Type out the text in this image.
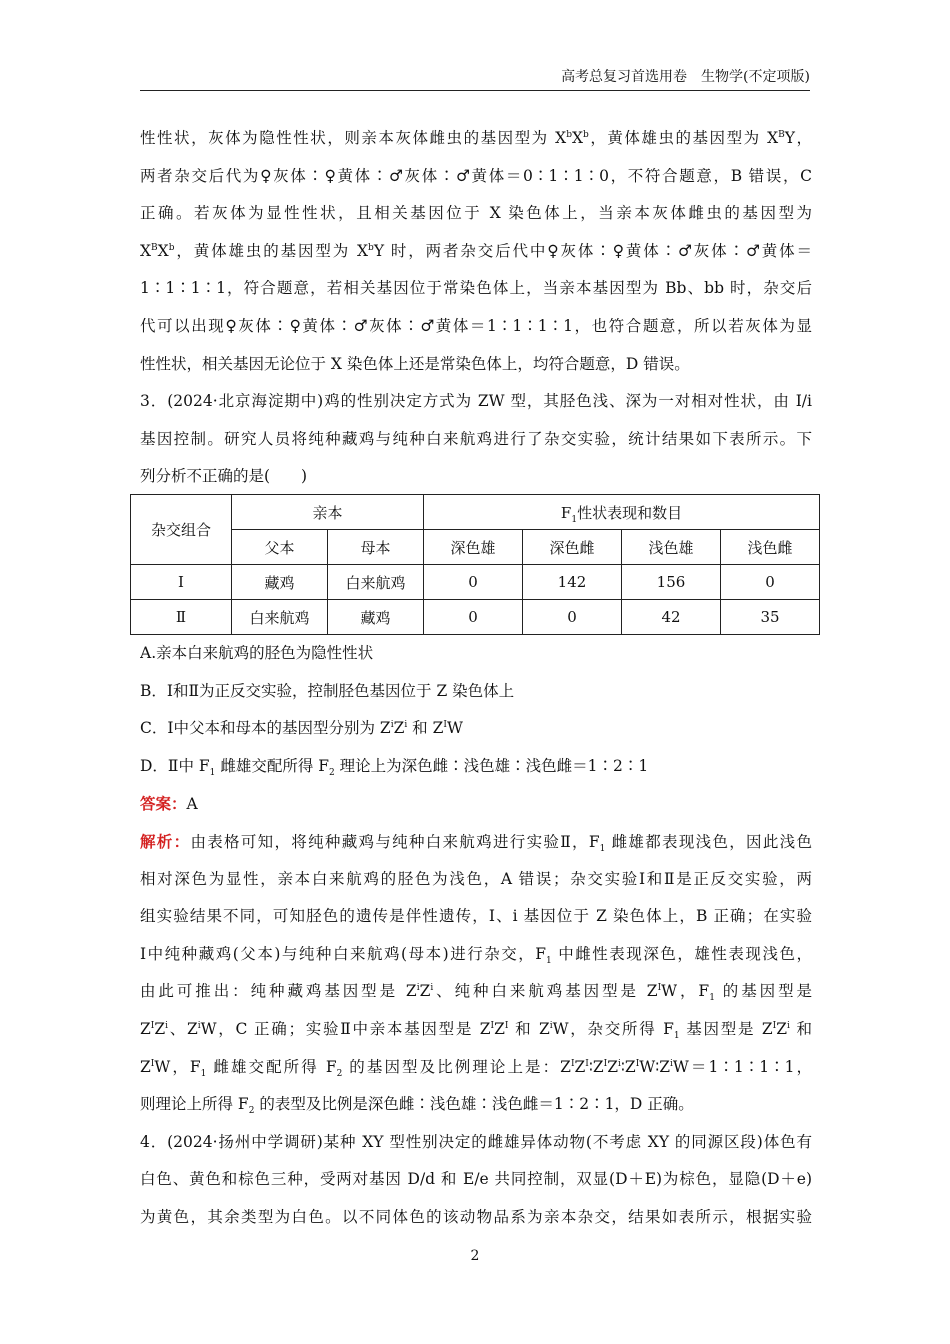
高考总复习首选用卷　生物学(不定项版)
性性状，灰体为隐性性状，则亲本灰体雌虫的基因型为 $X^bX^b$，黄体雄虫的基因型为 $X^BY$，
两者杂交后代为♀灰体∶♀黄体∶♂灰体∶♂黄体＝0∶1∶1∶0，不符合题意，B 错误，C
正确。若灰体为显性性状，且相关基因位于 X 染色体上，当亲本灰体雌虫的基因型为
$X^BX^b$，黄体雄虫的基因型为 $X^bY$ 时，两者杂交后代中♀灰体∶♀黄体∶♂灰体∶♂黄体＝
1∶1∶1∶1，符合题意，若相关基因位于常染色体上，当亲本基因型为 Bb、bb 时，杂交后
代可以出现♀灰体∶♀黄体∶♂灰体∶♂黄体＝1∶1∶1∶1，也符合题意，所以若灰体为显
性性状，相关基因无论位于 X 染色体上还是常染色体上，均符合题意，D 错误。
3．(2024·北京海淀期中)鸡的性别决定方式为 ZW 型，其胫色浅、深为一对相对性状，由 I/i
基因控制。研究人员将纯种藏鸡与纯种白来航鸡进行了杂交实验，统计结果如下表所示。下
列分析不正确的是(　　)
杂交组合	亲本		$F_1$性状表现和数目			
	父本	母本	深色雄	深色雌	浅色雄	浅色雌
Ⅰ	藏鸡	白来航鸡	0	142	156	0
Ⅱ	白来航鸡	藏鸡	0	0	42	35
A.亲本白来航鸡的胫色为隐性性状
B．Ⅰ和Ⅱ为正反交实验，控制胫色基因位于 Z 染色体上
C．Ⅰ中父本和母本的基因型分别为 $Z^iZ^i$ 和 $Z^IW$
D．Ⅱ中 $F_1$ 雌雄交配所得 $F_2$ 理论上为深色雌∶浅色雄∶浅色雌＝1∶2∶1
答案：A
解析：由表格可知，将纯种藏鸡与纯种白来航鸡进行实验Ⅱ，$F_1$ 雌雄都表现浅色，因此浅色
相对深色为显性，亲本白来航鸡的胫色为浅色，A 错误；杂交实验Ⅰ和Ⅱ是正反交实验，两
组实验结果不同，可知胫色的遗传是伴性遗传，I、i 基因位于 Z 染色体上，B 正确；在实验
Ⅰ中纯种藏鸡(父本)与纯种白来航鸡(母本)进行杂交，$F_1$ 中雌性表现深色，雄性表现浅色，
由此可推出：纯种藏鸡基因型是 $Z^iZ^i$、纯种白来航鸡基因型是 $Z^IW$，$F_1$ 的基因型是
$Z^IZ^i$、$Z^iW$，C 正确；实验Ⅱ中亲本基因型是 $Z^IZ^I$ 和 $Z^iW$，杂交所得 $F_1$ 基因型是 $Z^IZ^i$ 和
$Z^IW$，$F_1$ 雌雄交配所得 $F_2$ 的基因型及比例理论上是：$Z^IZ^I∶Z^IZ^i∶Z^IW∶Z^iW=1∶1∶1∶1$，
则理论上所得 $F_2$ 的表型及比例是深色雌∶浅色雄∶浅色雌＝1∶2∶1，D 正确。
4．(2024·扬州中学调研)某种 XY 型性别决定的雌雄异体动物(不考虑 XY 的同源区段)体色有
白色、黄色和棕色三种，受两对基因 D/d 和 E/e 共同控制，双显(D＋E)为棕色，显隐(D＋e)
为黄色，其余类型为白色。以不同体色的该动物品系为亲本杂交，结果如表所示，根据实验
2
